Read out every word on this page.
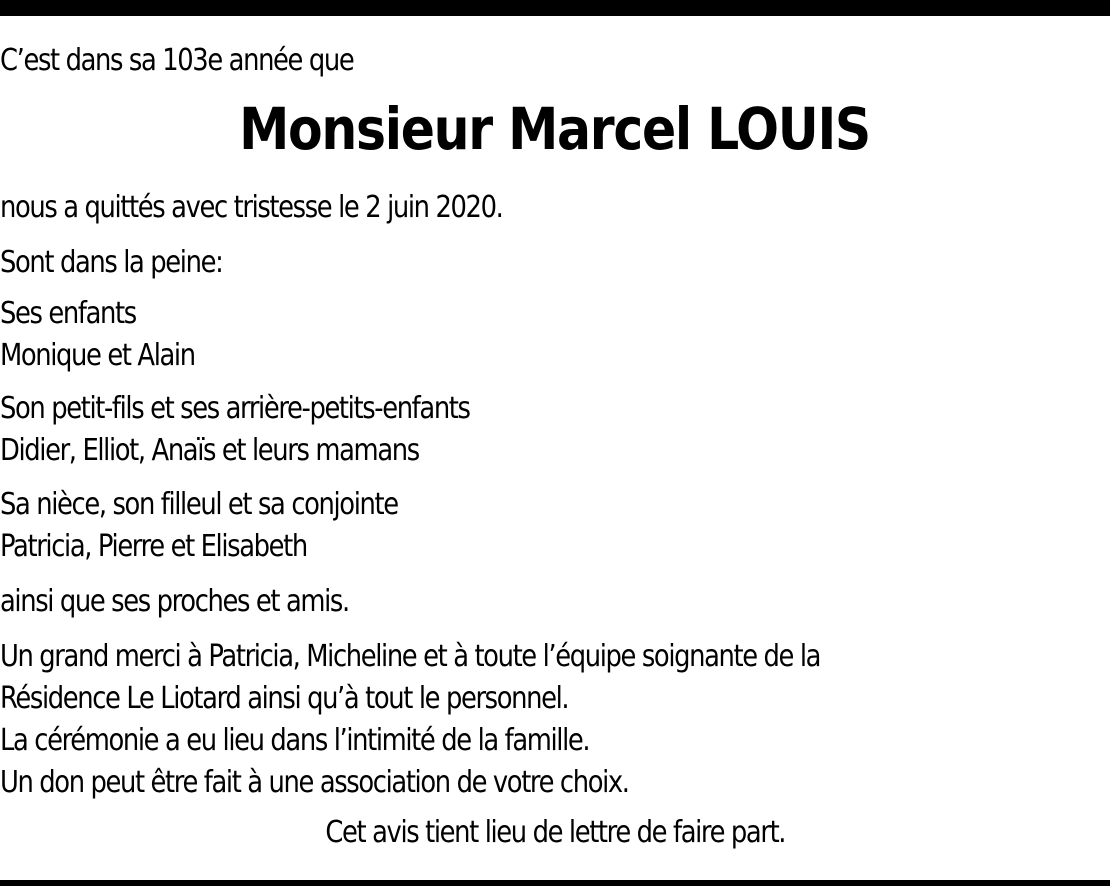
C’est dans sa 103e année que

Monsieur Marcel LOUIS

nous a quittés avec tristesse le 2 juin 2020.

Sont dans la peine:

Ses enfants

Monique et Alain

Son petit-fils et ses arrière-petits-enfants

Didier, Elliot, Anaïs et leurs mamans

Sa nièce, son filleul et sa conjointe

Patricia, Pierre et Elisabeth

ainsi que ses proches et amis.

Un grand merci à Patricia, Micheline et à toute l’équipe soignante de la

Résidence Le Liotard ainsi qu’à tout le personnel.

La cérémonie a eu lieu dans l’intimité de la famille.

Un don peut être fait à une association de votre choix.

Cet avis tient lieu de lettre de faire part.
